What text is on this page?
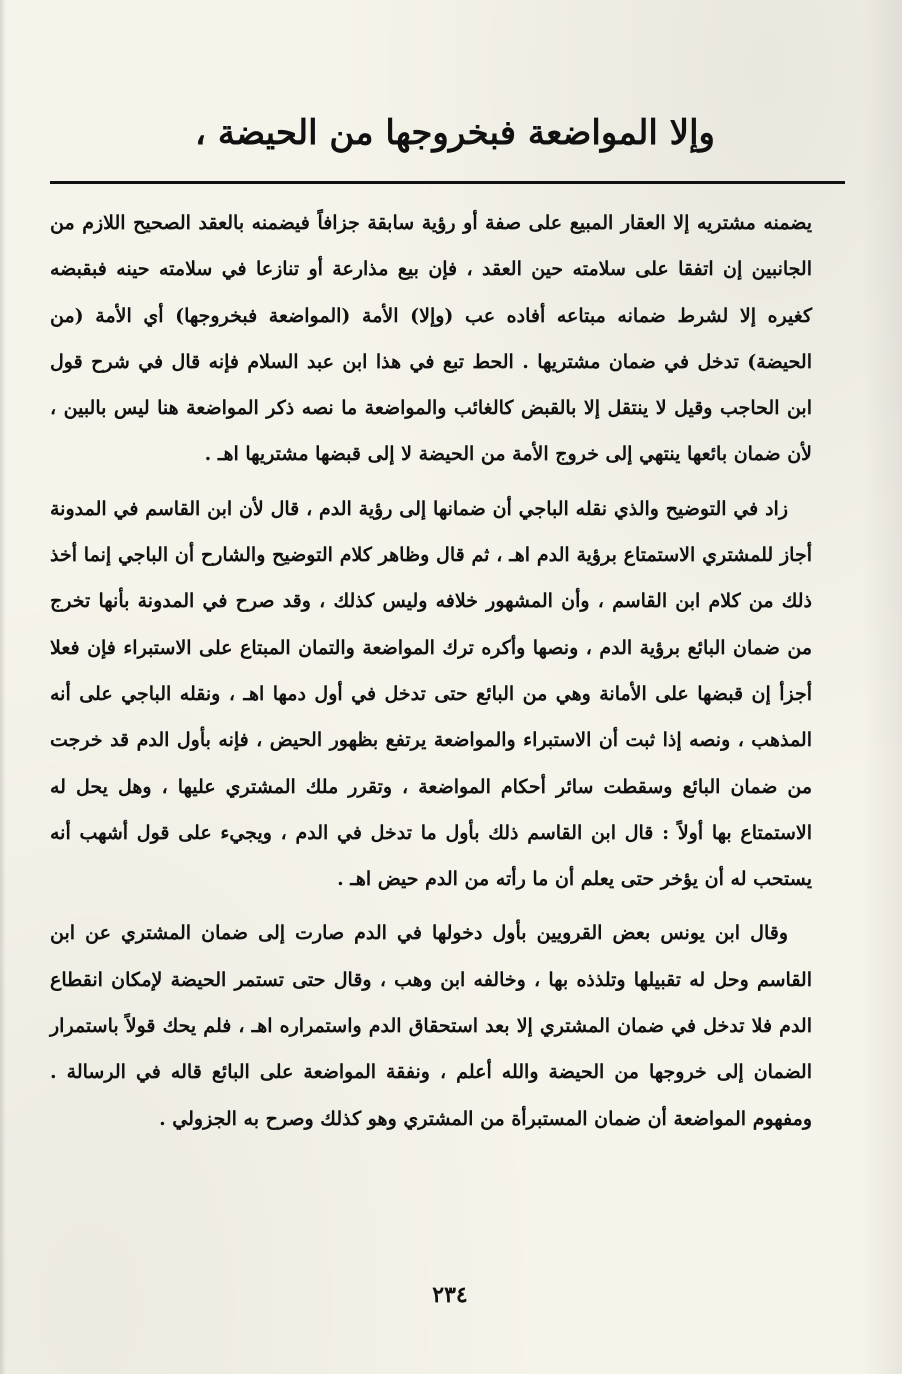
وإلا المواضعة فبخروجها من الحيضة ،

يضمنه مشتريه إلا العقار المبيع على صفة أو رؤية سابقة جزافاً فيضمنه بالعقد الصحيح اللازم من الجانبين إن اتفقا على سلامته حين العقد ، فإن بيع مذارعة أو تنازعا في سلامته حينه فبقبضه كغيره إلا لشرط ضمانه مبتاعه أفاده عب (وإلا) الأمة (المواضعة فبخروجها) أي الأمة (من الحيضة) تدخل في ضمان مشتريها . الحط تبع في هذا ابن عبد السلام فإنه قال في شرح قول ابن الحاجب وقيل لا ينتقل إلا بالقبض كالغائب والمواضعة ما نصه ذكر المواضعة هنا ليس بالبين ، لأن ضمان بائعها ينتهي إلى خروج الأمة من الحيضة لا إلى قبضها مشتريها اهـ .

زاد في التوضيح والذي نقله الباجي أن ضمانها إلى رؤية الدم ، قال لأن ابن القاسم في المدونة أجاز للمشتري الاستمتاع برؤية الدم اهـ ، ثم قال وظاهر كلام التوضيح والشارح أن الباجي إنما أخذ ذلك من كلام ابن القاسم ، وأن المشهور خلافه وليس كذلك ، وقد صرح في المدونة بأنها تخرج من ضمان البائع برؤية الدم ، ونصها وأكره ترك المواضعة والتمان المبتاع على الاستبراء فإن فعلا أجزأ إن قبضها على الأمانة وهي من البائع حتى تدخل في أول دمها اهـ ، ونقله الباجي على أنه المذهب ، ونصه إذا ثبت أن الاستبراء والمواضعة يرتفع بظهور الحيض ، فإنه بأول الدم قد خرجت من ضمان البائع وسقطت سائر أحكام المواضعة ، وتقرر ملك المشتري عليها ، وهل يحل له الاستمتاع بها أولاً : قال ابن القاسم ذلك بأول ما تدخل في الدم ، ويجيء على قول أشهب أنه يستحب له أن يؤخر حتى يعلم أن ما رأته من الدم حيض اهـ .

وقال ابن يونس بعض القرويين بأول دخولها في الدم صارت إلى ضمان المشتري عن ابن القاسم وحل له تقبيلها وتلذذه بها ، وخالفه ابن وهب ، وقال حتى تستمر الحيضة لإمكان انقطاع الدم فلا تدخل في ضمان المشتري إلا بعد استحقاق الدم واستمراره اهـ ، فلم يحك قولاً باستمرار الضمان إلى خروجها من الحيضة والله أعلم ، ونفقة المواضعة على البائع قاله في الرسالة . ومفهوم المواضعة أن ضمان المستبرأة من المشتري وهو كذلك وصرح به الجزولي .

٢٣٤
